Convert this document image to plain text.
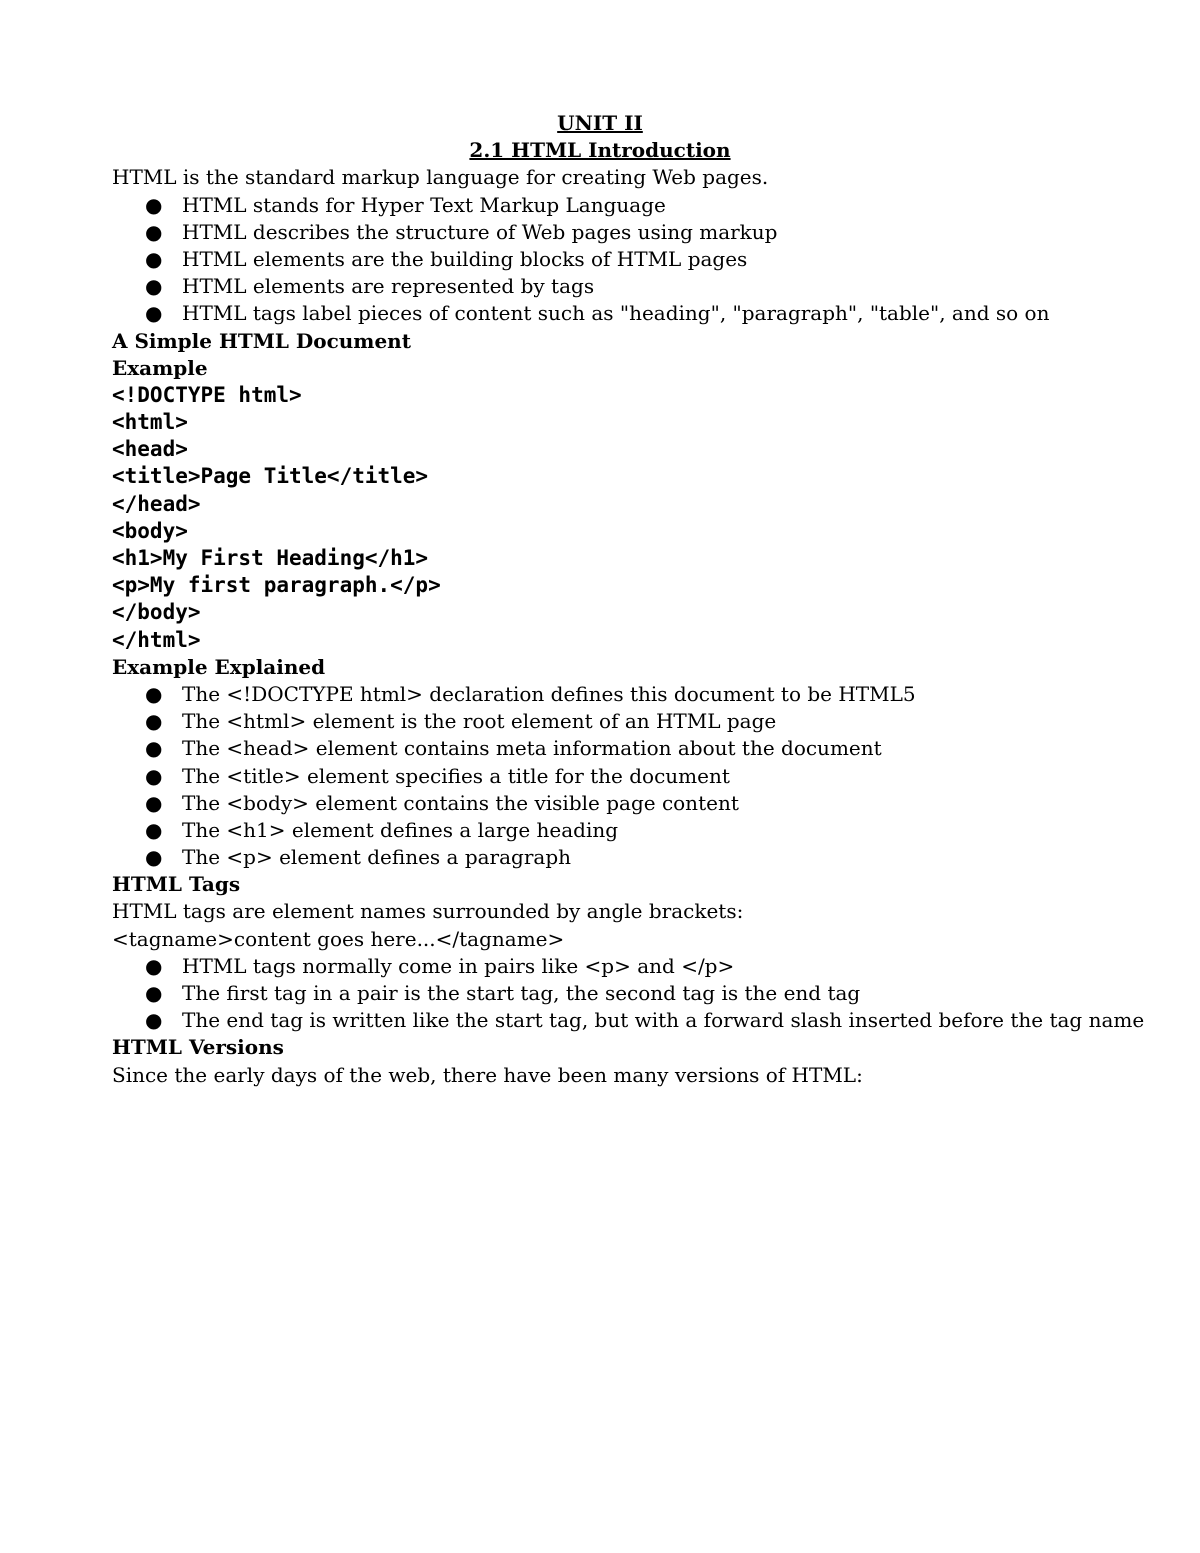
UNIT II
2.1 HTML Introduction
HTML is the standard markup language for creating Web pages.
● HTML stands for Hyper Text Markup Language
● HTML describes the structure of Web pages using markup
● HTML elements are the building blocks of HTML pages
● HTML elements are represented by tags
● HTML tags label pieces of content such as "heading", "paragraph", "table", and so on
A Simple HTML Document
Example
<!DOCTYPE html>
<html>
<head>
<title>Page Title</title>
</head>
<body>
<h1>My First Heading</h1>
<p>My first paragraph.</p>
</body>
</html>
Example Explained
● The <!DOCTYPE html> declaration defines this document to be HTML5
● The <html> element is the root element of an HTML page
● The <head> element contains meta information about the document
● The <title> element specifies a title for the document
● The <body> element contains the visible page content
● The <h1> element defines a large heading
● The <p> element defines a paragraph
HTML Tags
HTML tags are element names surrounded by angle brackets:
<tagname>content goes here...</tagname>
● HTML tags normally come in pairs like <p> and </p>
● The first tag in a pair is the start tag, the second tag is the end tag
● The end tag is written like the start tag, but with a forward slash inserted before the tag name
HTML Versions
Since the early days of the web, there have been many versions of HTML:
